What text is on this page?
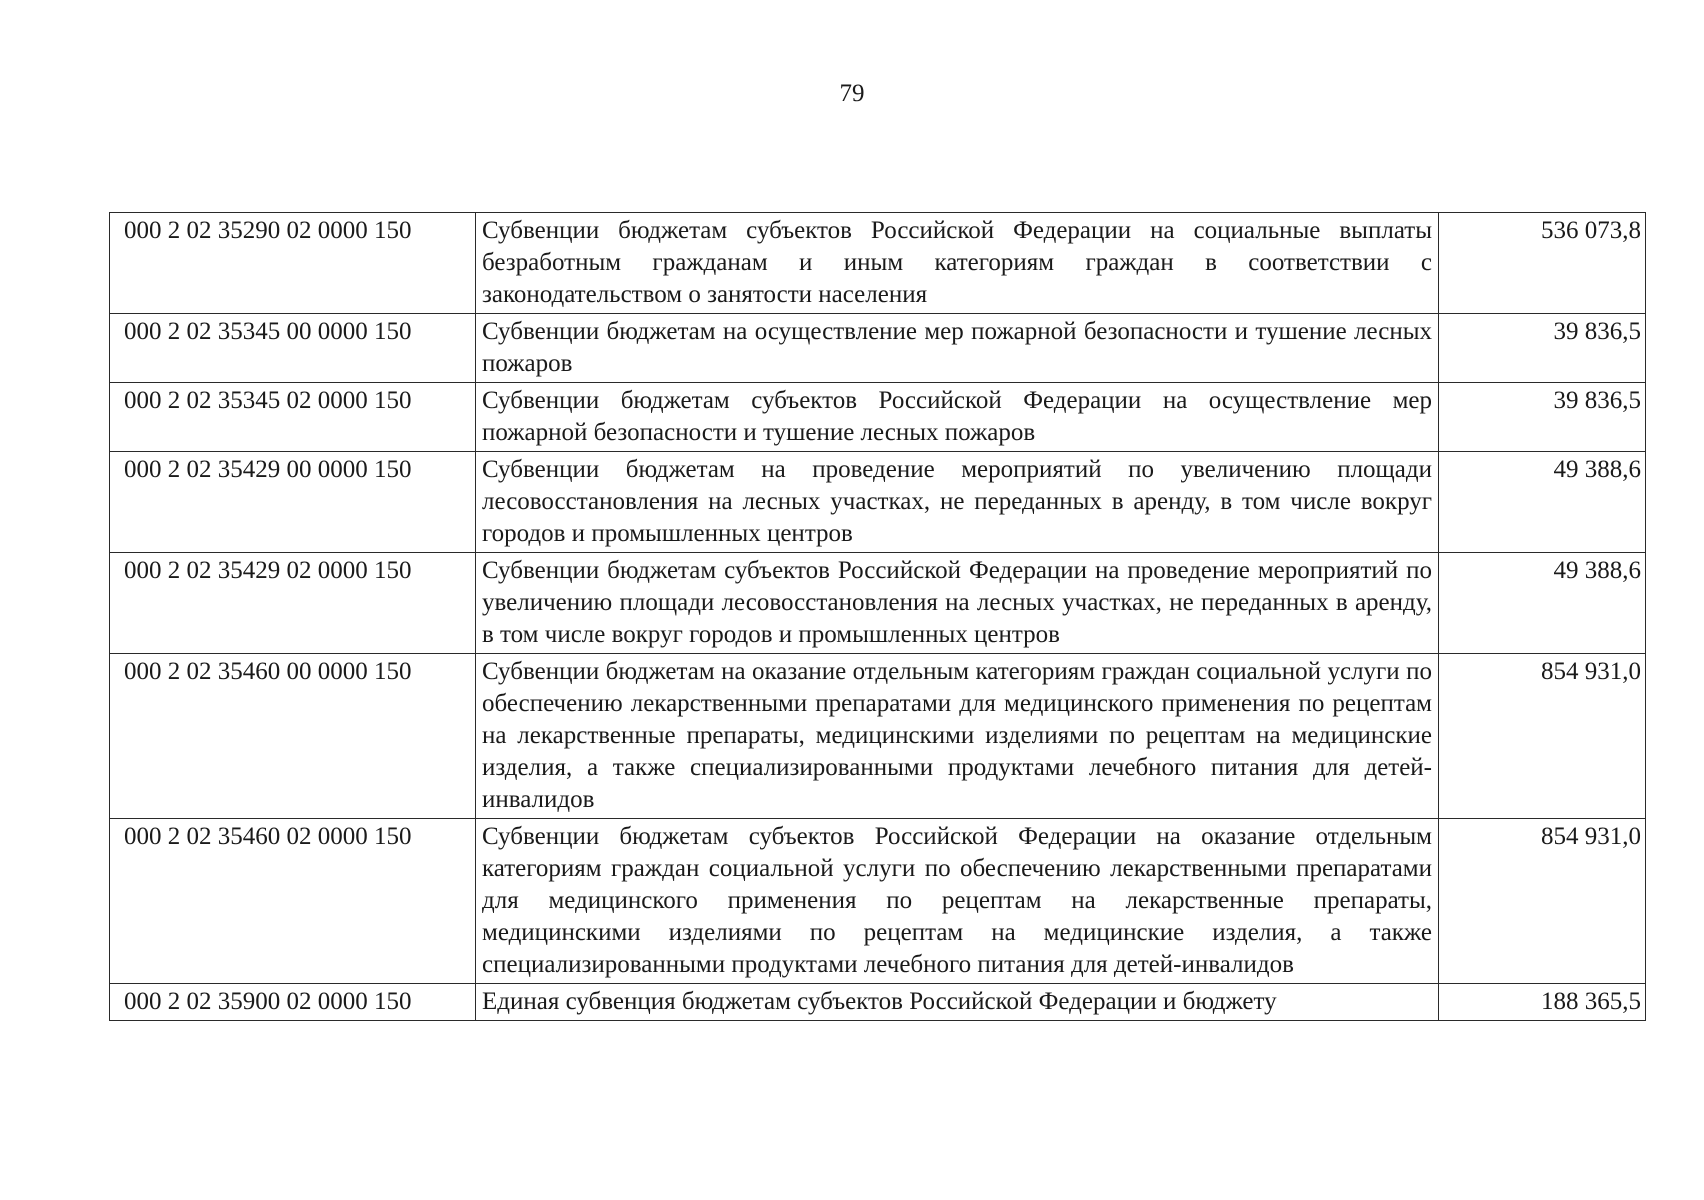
79
000 2 02 35290 02 0000 150	Субвенции бюджетам субъектов Российской Федерации на социальные выплаты безработным гражданам и иным категориям граждан в соответствии с законодательством о занятости населения	536 073,8
000 2 02 35345 00 0000 150	Субвенции бюджетам на осуществление мер пожарной безопасности и тушение лесных пожаров	39 836,5
000 2 02 35345 02 0000 150	Субвенции бюджетам субъектов Российской Федерации на осуществление мер пожарной безопасности и тушение лесных пожаров	39 836,5
000 2 02 35429 00 0000 150	Субвенции бюджетам на проведение мероприятий по увеличению площади лесовосстановления на лесных участках, не переданных в аренду, в том числе вокруг городов и промышленных центров	49 388,6
000 2 02 35429 02 0000 150	Субвенции бюджетам субъектов Российской Федерации на проведение мероприятий по увеличению площади лесовосстановления на лесных участках, не переданных в аренду, в том числе вокруг городов и промышленных центров	49 388,6
000 2 02 35460 00 0000 150	Субвенции бюджетам на оказание отдельным категориям граждан социальной услуги по обеспечению лекарственными препаратами для медицинского применения по рецептам на лекарственные препараты, медицинскими изделиями по рецептам на медицинские изделия, а также специализированными продуктами лечебного питания для детей-инвалидов	854 931,0
000 2 02 35460 02 0000 150	Субвенции бюджетам субъектов Российской Федерации на оказание отдельным категориям граждан социальной услуги по обеспечению лекарственными препаратами для медицинского применения по рецептам на лекарственные препараты, медицинскими изделиями по рецептам на медицинские изделия, а также специализированными продуктами лечебного питания для детей-инвалидов	854 931,0
000 2 02 35900 02 0000 150	Единая субвенция бюджетам субъектов Российской Федерации и бюджету	188 365,5
